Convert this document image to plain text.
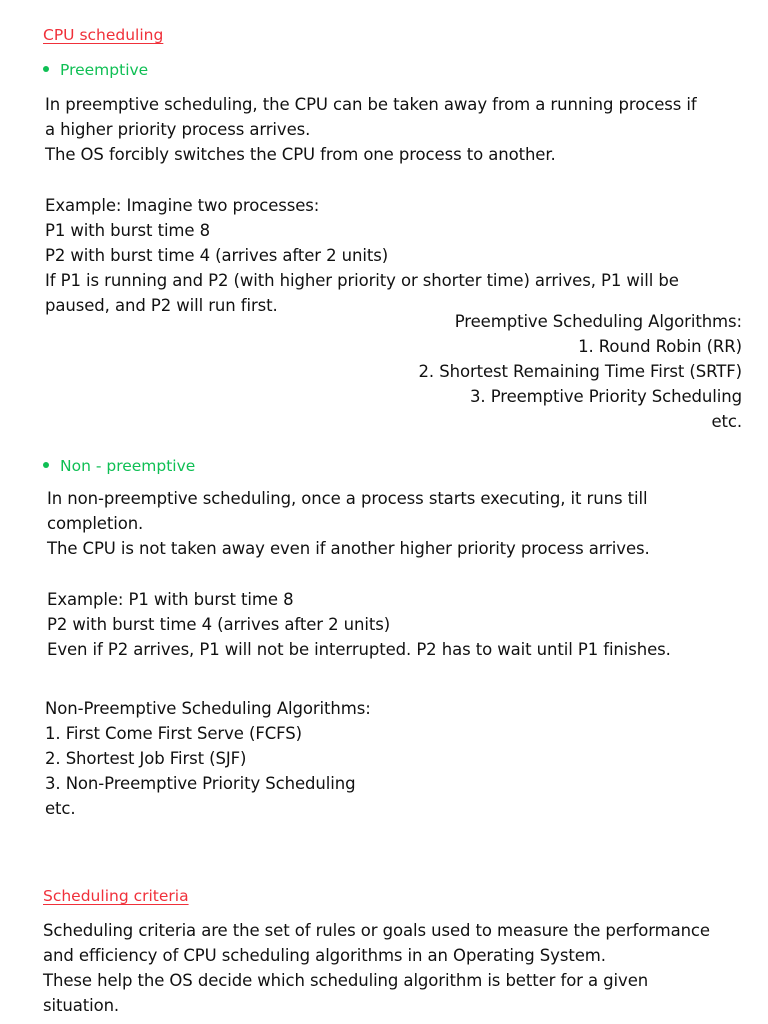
CPU scheduling
Preemptive
In preemptive scheduling, the CPU can be taken away from a running process if
a higher priority process arrives.
The OS forcibly switches the CPU from one process to another.
Example: Imagine two processes:
P1 with burst time 8
P2 with burst time 4 (arrives after 2 units)
If P1 is running and P2 (with higher priority or shorter time) arrives, P1 will be
paused, and P2 will run first.
Preemptive Scheduling Algorithms:
1. Round Robin (RR)
2. Shortest Remaining Time First (SRTF)
3. Preemptive Priority Scheduling
etc.
Non - preemptive
In non-preemptive scheduling, once a process starts executing, it runs till
completion.
The CPU is not taken away even if another higher priority process arrives.
Example: P1 with burst time 8
P2 with burst time 4 (arrives after 2 units)
Even if P2 arrives, P1 will not be interrupted. P2 has to wait until P1 finishes.
Non-Preemptive Scheduling Algorithms:
1. First Come First Serve (FCFS)
2. Shortest Job First (SJF)
3. Non-Preemptive Priority Scheduling
etc.
Scheduling criteria
Scheduling criteria are the set of rules or goals used to measure the performance
and efficiency of CPU scheduling algorithms in an Operating System.
These help the OS decide which scheduling algorithm is better for a given
situation.
